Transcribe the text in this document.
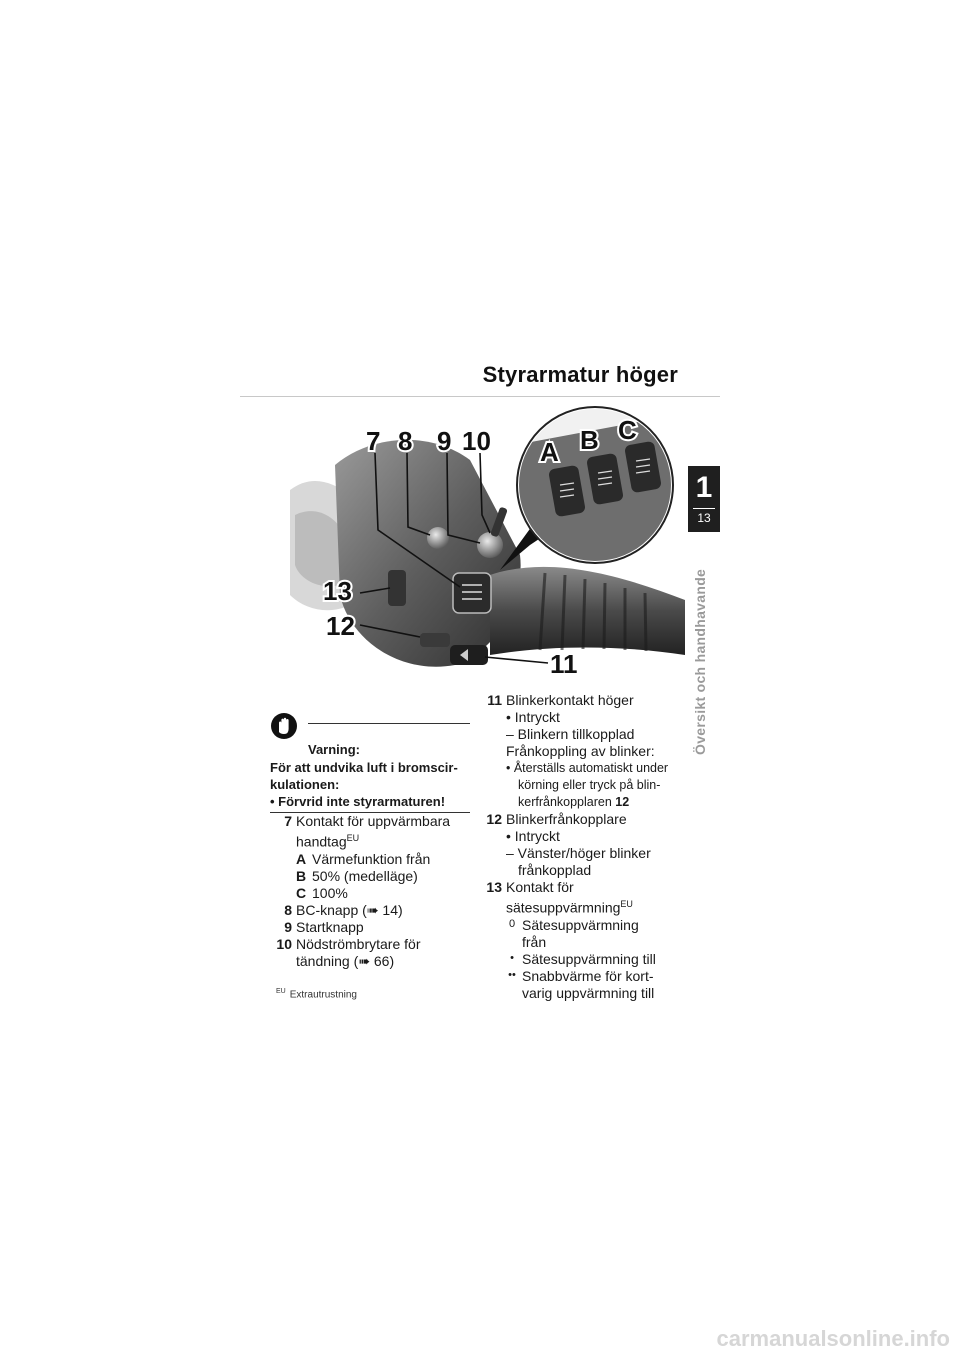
Styrarmatur höger
1
13
Översikt och handhavande
7 8 9 10 A B C
13
12
11
Varning:
För att undvika luft i bromscir-
kulationen:
• Förvrid inte styrarmaturen!
7 Kontakt för uppvärmbara
handtag$^{EU}$
A Värmefunktion från
B 50% (medelläge)
C 100%
8 BC-knapp (➠ 14)
9 Startknapp
10 Nödströmbrytare för
tändning (➠ 66)
$^{EU}$ Extrautrustning
11 Blinkerkontakt höger
• Intryckt
– Blinkern tillkopplad
Frånkoppling av blinker:
• Återställs automatiskt under
körning eller tryck på blin-
kerfrånkopplaren 12
12 Blinkerfrånkopplare
• Intryckt
– Vänster/höger blinker
frånkopplad
13 Kontakt för
sätesuppvärmning$^{EU}$
0 Sätesuppvärmning
från
• Sätesuppvärmning till
•• Snabbvärme för kort-
varig uppvärmning till
carmanualsonline.info
